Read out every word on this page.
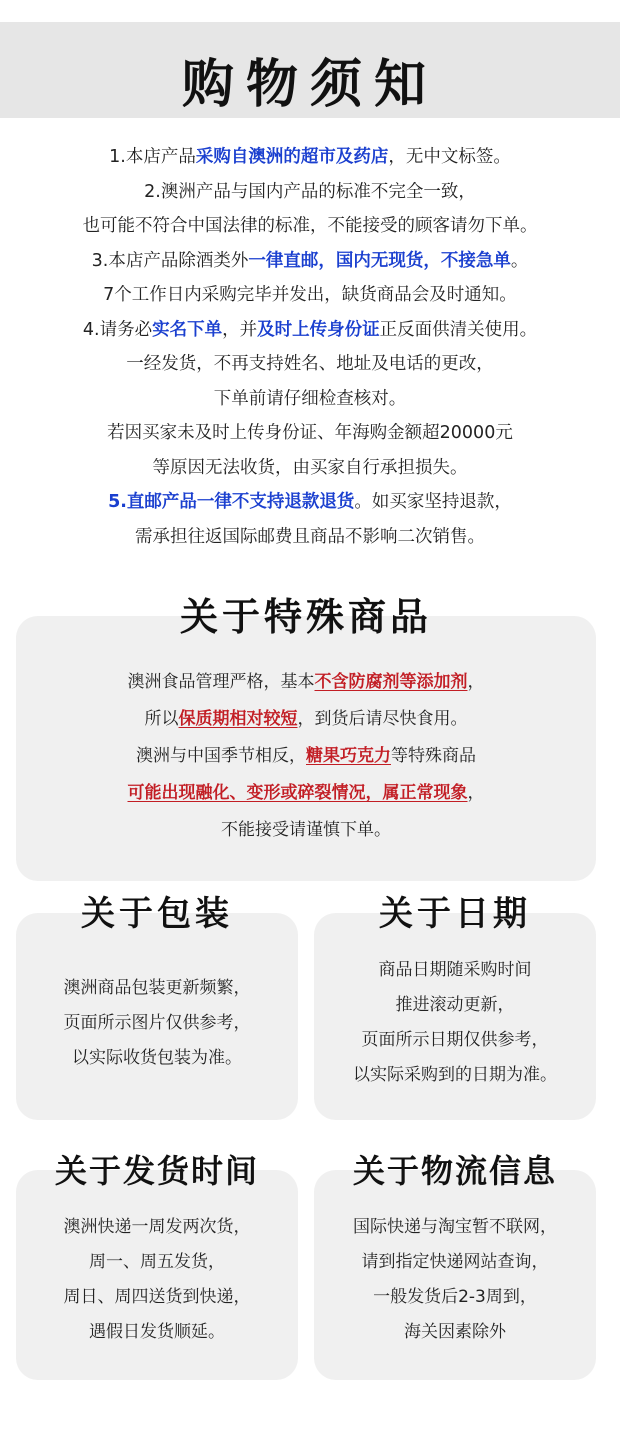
购物须知
1.本店产品采购自澳洲的超市及药店，无中文标签。
2.澳洲产品与国内产品的标准不完全一致，
也可能不符合中国法律的标准，不能接受的顾客请勿下单。
3.本店产品除酒类外一律直邮，国内无现货，不接急单。
7个工作日内采购完毕并发出，缺货商品会及时通知。
4.请务必实名下单，并及时上传身份证正反面供清关使用。
一经发货，不再支持姓名、地址及电话的更改，
下单前请仔细检查核对。
若因买家未及时上传身份证、年海购金额超20000元
等原因无法收货，由买家自行承担损失。
5.直邮产品一律不支持退款退货。如买家坚持退款，
需承担往返国际邮费且商品不影响二次销售。
澳洲食品管理严格，基本不含防腐剂等添加剂，
所以保质期相对较短，到货后请尽快食用。
澳洲与中国季节相反，糖果巧克力等特殊商品
可能出现融化、变形或碎裂情况，属正常现象，
不能接受请谨慎下单。
关于特殊商品
澳洲商品包装更新频繁，
页面所示图片仅供参考，
以实际收货包装为准。
关于包装
商品日期随采购时间
推进滚动更新，
页面所示日期仅供参考，
以实际采购到的日期为准。
关于日期
澳洲快递一周发两次货，
周一、周五发货，
周日、周四送货到快递，
遇假日发货顺延。
关于发货时间
国际快递与淘宝暂不联网，
请到指定快递网站查询，
一般发货后2-3周到，
海关因素除外
关于物流信息
